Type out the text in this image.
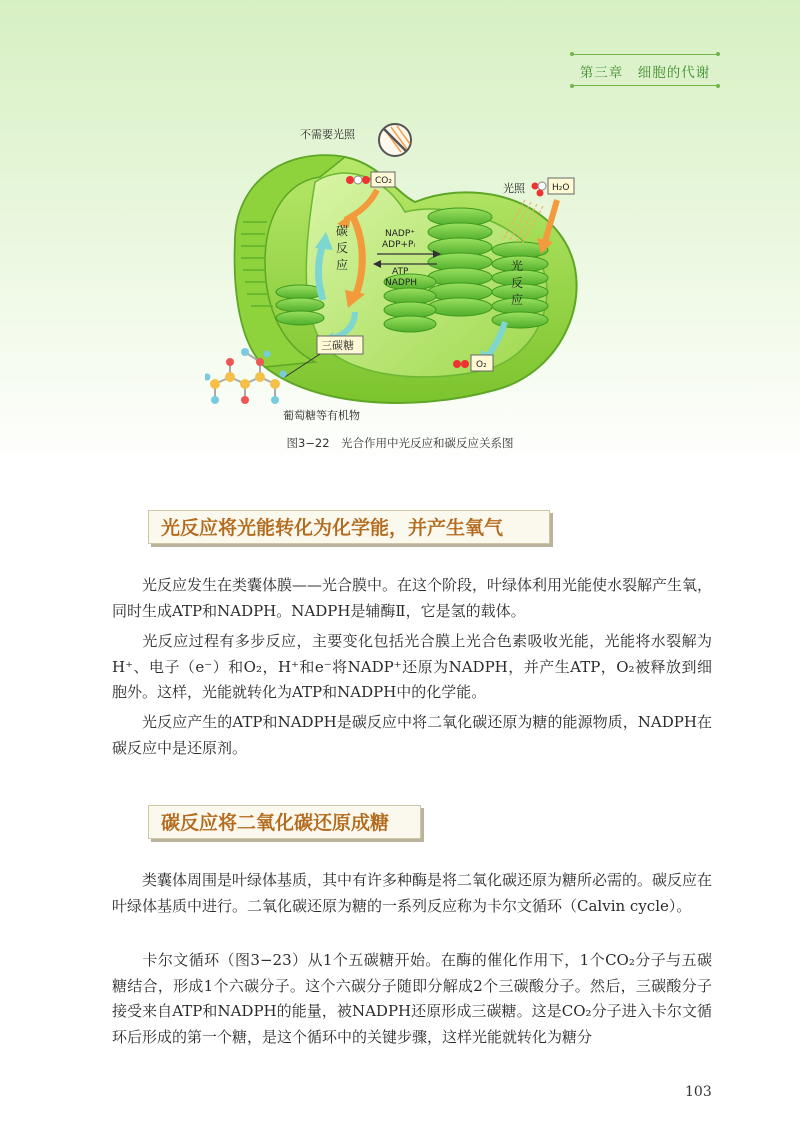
第三章　细胞的代谢
不需要光照
CO₂
碳
反
应
NADP⁺
ADP+Pᵢ
ATP
NADPH
光照	H₂O
光
反
应
O₂
三碳糖
葡萄糖等有机物
图3−22　光合作用中光反应和碳反应关系图
光反应将光能转化为化学能，并产生氧气

光反应发生在类囊体膜——光合膜中。在这个阶段，叶绿体利用光能使水裂解产生氧，同时生成ATP和NADPH。NADPH是辅酶Ⅱ，它是氢的载体。

光反应过程有多步反应，主要变化包括光合膜上光合色素吸收光能，光能将水裂解为H⁺、电子（e⁻）和O₂，H⁺和e⁻将NADP⁺还原为NADPH，并产生ATP，O₂被释放到细胞外。这样，光能就转化为ATP和NADPH中的化学能。

光反应产生的ATP和NADPH是碳反应中将二氧化碳还原为糖的能源物质，NADPH在碳反应中是还原剂。

碳反应将二氧化碳还原成糖

类囊体周围是叶绿体基质，其中有许多种酶是将二氧化碳还原为糖所必需的。碳反应在叶绿体基质中进行。二氧化碳还原为糖的一系列反应称为卡尔文循环（Calvin cycle）。

卡尔文循环（图3−23）从1个五碳糖开始。在酶的催化作用下，1个CO₂分子与五碳糖结合，形成1个六碳分子。这个六碳分子随即分解成2个三碳酸分子。然后，三碳酸分子接受来自ATP和NADPH的能量，被NADPH还原形成三碳糖。这是CO₂分子进入卡尔文循环后形成的第一个糖，是这个循环中的关键步骤，这样光能就转化为糖分

103
